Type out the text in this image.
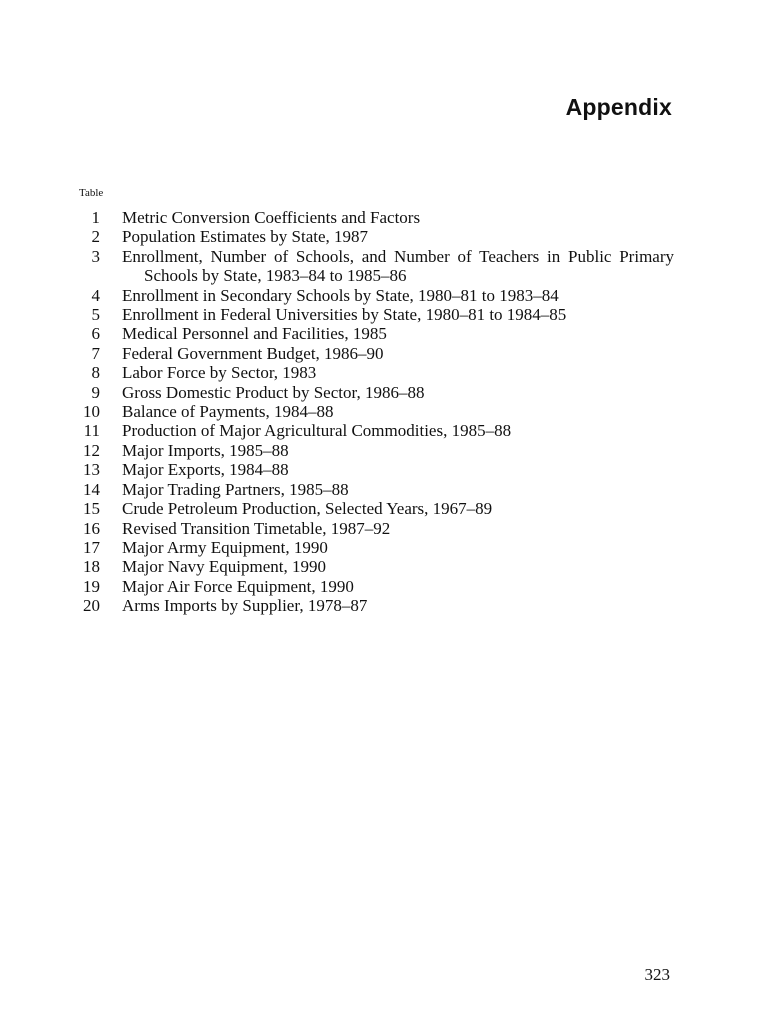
Appendix
Table
1 Metric Conversion Coefficients and Factors
2 Population Estimates by State, 1987
3 Enrollment, Number of Schools, and Number of Teachers in Public Primary Schools by State, 1983–84 to 1985–86
4 Enrollment in Secondary Schools by State, 1980–81 to 1983–84
5 Enrollment in Federal Universities by State, 1980–81 to 1984–85
6 Medical Personnel and Facilities, 1985
7 Federal Government Budget, 1986–90
8 Labor Force by Sector, 1983
9 Gross Domestic Product by Sector, 1986–88
10 Balance of Payments, 1984–88
11 Production of Major Agricultural Commodities, 1985–88
12 Major Imports, 1985–88
13 Major Exports, 1984–88
14 Major Trading Partners, 1985–88
15 Crude Petroleum Production, Selected Years, 1967–89
16 Revised Transition Timetable, 1987–92
17 Major Army Equipment, 1990
18 Major Navy Equipment, 1990
19 Major Air Force Equipment, 1990
20 Arms Imports by Supplier, 1978–87
323
